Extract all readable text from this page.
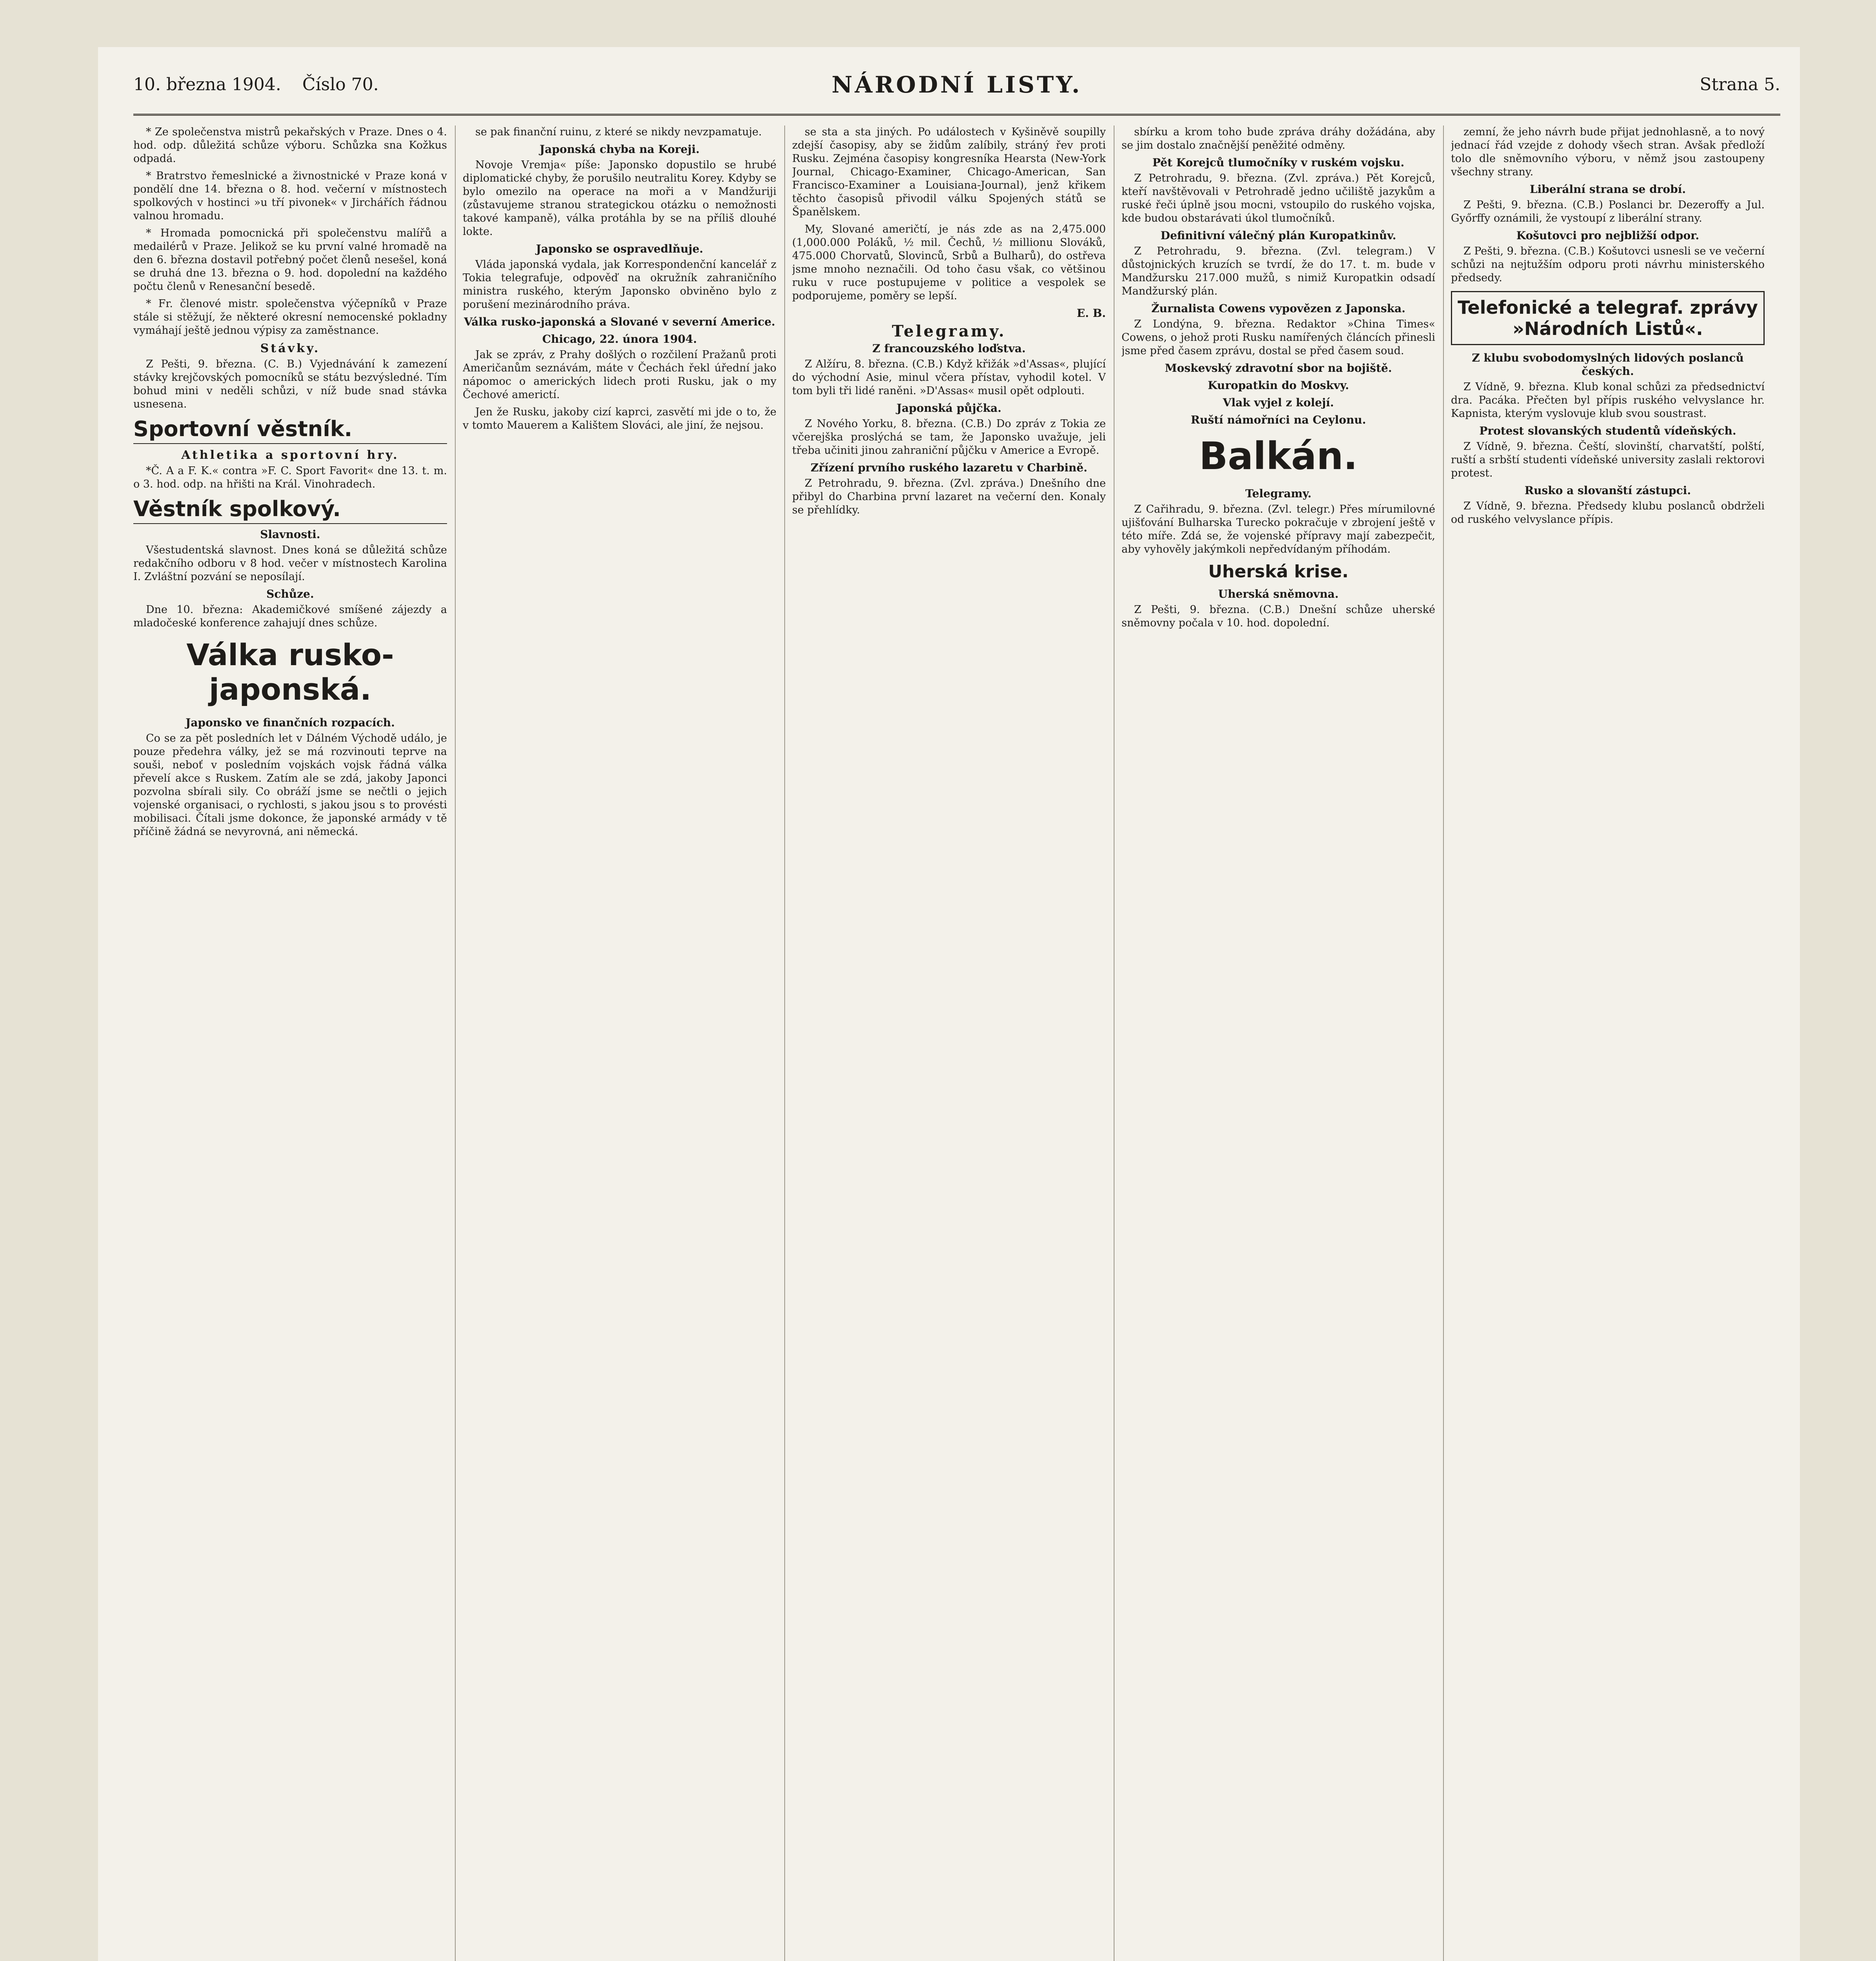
10. března 1904. Číslo 70.	NÁRODNÍ LISTY.	Strana 5.

* Ze společenstva mistrů pekařských v Praze. Dnes o 4. hod. odp. důležitá schůze výboru. Schůzka sna Kožkus odpadá.

* Bratrstvo řemeslnické a živnostnické v Praze koná v pondělí dne 14. března o 8. hod. večerní v místnostech spolkových v hostinci »u tří pivonek« v Jirchářích řádnou valnou hromadu.

* Hromada pomocnická při společenstvu malířů a medailérů v Praze. Jelikož se ku první valné hromadě na den 6. března dostavil potřebný počet členů nesešel, koná se druhá dne 13. března o 9. hod. dopolední na každého počtu členů v Renesanční besedě.

* Fr. členové mistr. společenstva výčepníků v Praze stále si stěžují, že některé okresní nemocenské pokladny vymáhají ještě jednou výpisy za zaměstnance.

Stávky.

Z Pešti, 9. března. (C. B.) Vyjednávání k zamezení stávky krejčovských pomocníků se státu bezvýsledné. Tím bohud mini v neděli schůzi, v níž bude snad stávka usnesena.

Sportovní věstník.
Athletika a sportovní hry.

*Č. A a F. K.« contra »F. C. Sport Favorit« dne 13. t. m. o 3. hod. odp. na hřišti na Král. Vinohradech.

Věstník spolkový.
Slavnosti.

Všestudentská slavnost. Dnes koná se důležitá schůze redakčního odboru v 8 hod. večer v místnostech Karolina I. Zvláštní pozvání se neposílají.

Schůze.

Dne 10. března: Akademičkové smíšené zájezdy a mladočeské konference zahajují dnes schůze.

Válka rusko-japonská.
Japonsko ve finančních rozpacích.

Co se za pět posledních let v Dálném Východě událo, je pouze předehra války, jež se má rozvinouti teprve na souši, neboť v posledním vojskách vojsk řádná válka převelí akce s Ruskem. Zatím ale se zdá, jakoby Japonci pozvolna sbírali sily. Co obráží jsme se nečtli o jejich vojenské organisaci, o rychlosti, s jakou jsou s to provésti mobilisaci. Čítali jsme dokonce, že japonské armády v tě příčině žádná se nevyrovná, ani německá.

se pak finanční ruinu, z které se nikdy nevzpamatuje.

Japonská chyba na Koreji.

Novoje Vremja« píše: Japonsko dopustilo se hrubé diplomatické chyby, že porušilo neutralitu Korey. Kdyby se bylo omezilo na operace na moři a v Mandžuriji (zůstavujeme stranou strategickou otázku o nemožnosti takové kampaně), válka protáhla by se na příliš dlouhé lokte.

Japonsko se ospravedlňuje.

Vláda japonská vydala, jak Korrespondenční kancelář z Tokia telegrafuje, odpověď na okružník zahraničního ministra ruského, kterým Japonsko obviněno bylo z porušení mezinárodního práva.

Válka rusko-japonská a Slované v severní Americe.
Chicago, 22. února 1904.

Jak se zpráv, z Prahy došlých o rozčilení Pražanů proti Američanům seznávám, máte v Čechách řekl úřední jako nápomoc o amerických lidech proti Rusku, jak o my Čechové americtí.

Jen že Rusku, jakoby cizí kaprci, zasvětí mi jde o to, že v tomto Mauerem a Kalištem Slováci, ale jiní, že nejsou.

se sta a sta jiných. Po událostech v Kyšiněvě soupilly zdejší časopisy, aby se židům zalíbily, stráný řev proti Rusku. Zejména časopisy kongresníka Hearsta (New-York Journal, Chicago-Examiner, Chicago-American, San Francisco-Examiner a Louisiana-Journal), jenž křikem těchto časopisů přivodil válku Spojených států se Španělskem.

My, Slované američtí, je nás zde as na 2,475.000 (1,000.000 Poláků, ½ mil. Čechů, ½ millionu Slováků, 475.000 Chorvatů, Slovinců, Srbů a Bulharů), do ostřeva jsme mnoho neznačili. Od toho času však, co většinou ruku v ruce postupujeme v politice a vespolek se podporujeme, poměry se lepší.

E. B.
Telegramy.
Z francouzského loďstva.

Z Alžíru, 8. března. (C.B.) Když křižák »d'Assas«, plující do východní Asie, minul včera přístav, vyhodil kotel. V tom byli tři lidé raněni. »D'Assas« musil opět odplouti.

Japonská půjčka.

Z Nového Yorku, 8. března. (C.B.) Do zpráv z Tokia ze včerejška proslýchá se tam, že Japonsko uvažuje, jeli třeba učiniti jinou zahraniční půjčku v Americe a Evropě.

Zřízení prvního ruského lazaretu v Charbině.

Z Petrohradu, 9. března. (Zvl. zpráva.) Dnešního dne přibyl do Charbina první lazaret na večerní den. Konaly se přehlídky.

sbírku a krom toho bude zpráva dráhy dožádána, aby se jim dostalo značnější peněžité odměny.

Pět Korejců tlumočníky v ruském vojsku.

Z Petrohradu, 9. března. (Zvl. zpráva.) Pět Korejců, kteří navštěvovali v Petrohradě jedno učiliště jazykům a ruské řeči úplně jsou mocni, vstoupilo do ruského vojska, kde budou obstarávati úkol tlumočníků.

Definitivní válečný plán Kuropatkinův.

Z Petrohradu, 9. března. (Zvl. telegram.) V důstojnických kruzích se tvrdí, že do 17. t. m. bude v Mandžursku 217.000 mužů, s nimiž Kuropatkin odsadí Mandžurský plán.

Žurnalista Cowens vypovězen z Japonska.

Z Londýna, 9. března. Redaktor »China Times« Cowens, o jehož proti Rusku namířených článcích přinesli jsme před časem zprávu, dostal se před časem soud.

Moskevský zdravotní sbor na bojiště.
Kuropatkin do Moskvy.
Vlak vyjel z kolejí.
Ruští námořníci na Ceylonu.
Balkán.
Telegramy.

Z Cařihradu, 9. března. (Zvl. telegr.) Přes mírumilovné ujišťování Bulharska Turecko pokračuje v zbrojení ještě v této míře. Zdá se, že vojenské přípravy mají zabezpečit, aby vyhověly jakýmkoli nepředvídaným příhodám.

Uherská krise.
Uherská sněmovna.

Z Pešti, 9. března. (C.B.) Dnešní schůze uherské sněmovny počala v 10. hod. dopolední.

zemní, že jeho návrh bude přijat jednohlasně, a to nový jednací řád vzejde z dohody všech stran. Avšak předloží tolo dle sněmovního výboru, v němž jsou zastoupeny všechny strany.

Liberální strana se drobí.

Z Pešti, 9. března. (C.B.) Poslanci br. Dezeroffy a Jul. Győrffy oznámili, že vystoupí z liberální strany.

Košutovci pro nejbližší odpor.

Z Pešti, 9. března. (C.B.) Košutovci usnesli se ve večerní schůzi na nejtužším odporu proti návrhu ministerského předsedy.

Telefonické a telegraf. zprávy »Národních Listů«.
Z klubu svobodomyslných lidových poslanců českých.

Z Vídně, 9. března. Klub konal schůzi za předsednictví dra. Pacáka. Přečten byl přípis ruského velvyslance hr. Kapnista, kterým vyslovuje klub svou soustrast.

Protest slovanských studentů vídeňských.

Z Vídně, 9. března. Čeští, slovinští, charvatští, polští, ruští a srbští studenti vídeňské university zaslali rektorovi protest.

Rusko a slovanští zástupci.

Z Vídně, 9. března. Předsedy klubu poslanců obdrželi od ruského velvyslance přípis.
